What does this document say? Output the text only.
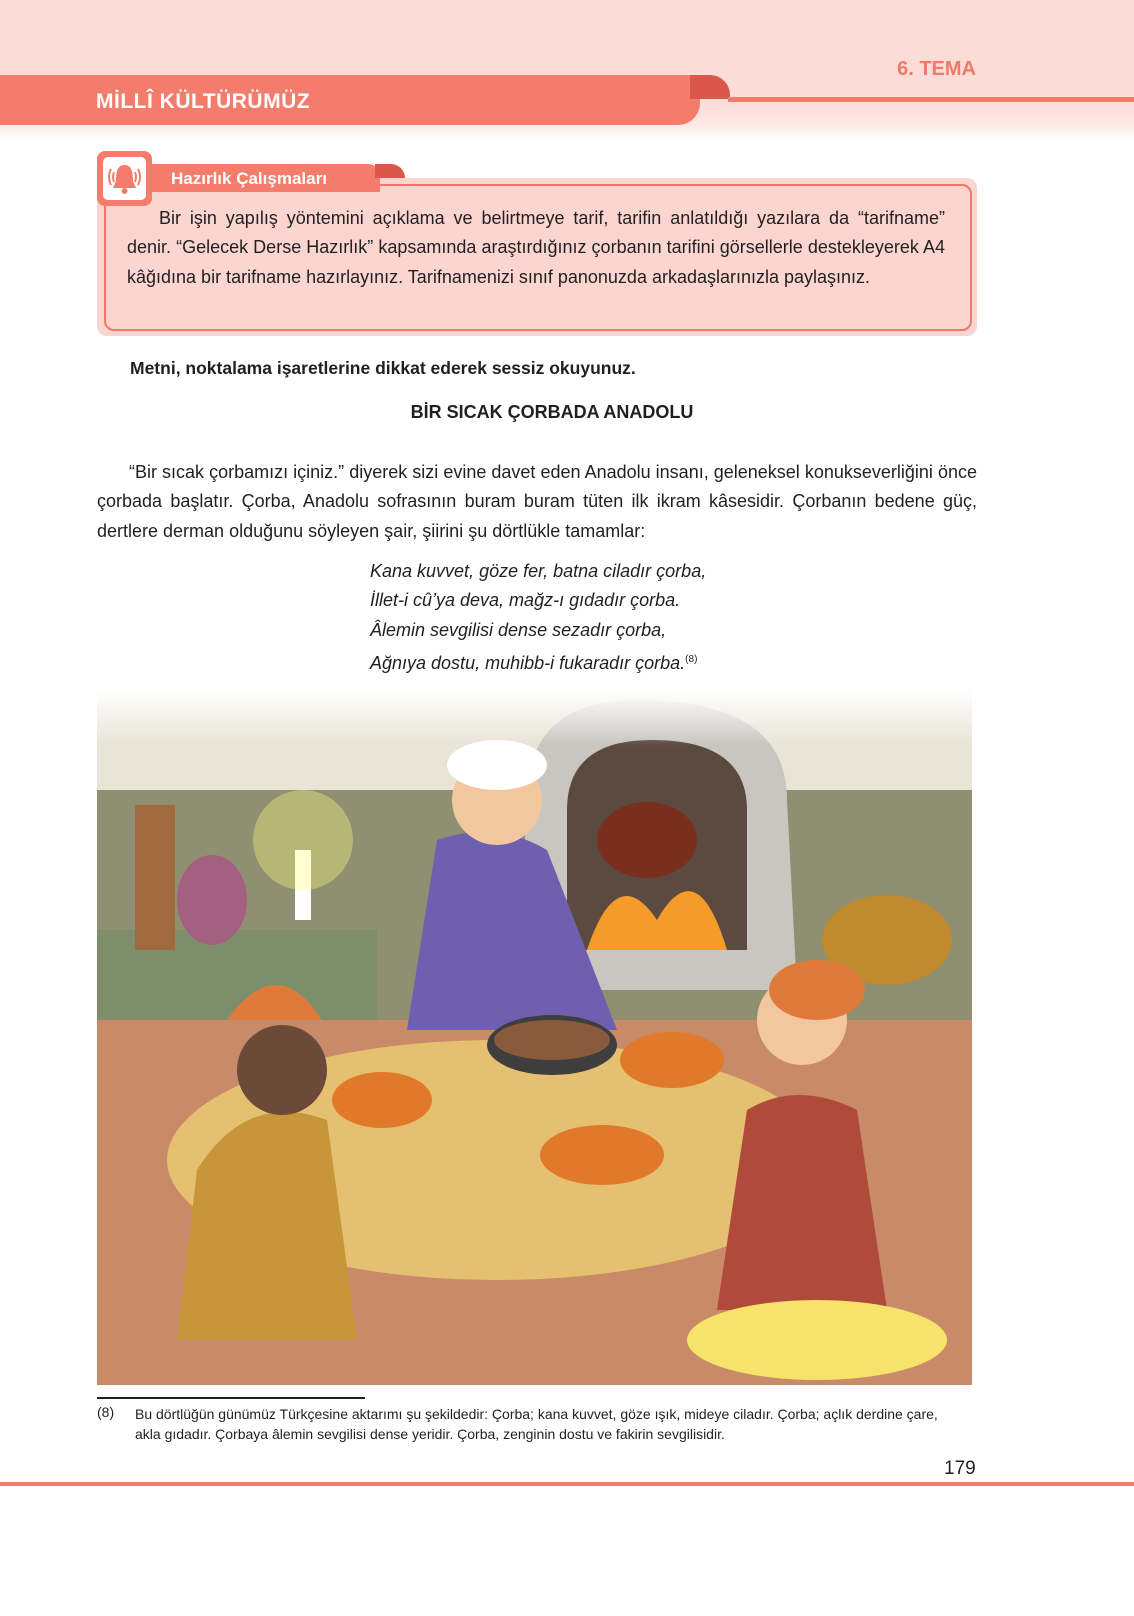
6. TEMA
MİLLÎ KÜLTÜRÜMÜZ
Hazırlık Çalışmaları
Bir işin yapılış yöntemini açıklama ve belirtmeye tarif, tarifin anlatıldığı yazılara da “tarifname” denir. “Gelecek Derse Hazırlık” kapsamında araştırdığınız çorbanın tarifini görsellerle destekleyerek A4 kâğıdına bir tarifname hazırlayınız. Tarifnamenizi sınıf panonuzda arkadaşlarınızla paylaşınız.
Metni, noktalama işaretlerine dikkat ederek sessiz okuyunuz.
BİR SICAK ÇORBADA ANADOLU
“Bir sıcak çorbamızı içiniz.” diyerek sizi evine davet eden Anadolu insanı, geleneksel konukseverliğini önce çorbada başlatır. Çorba, Anadolu sofrasının buram buram tüten ilk ikram kâsesidir. Çorbanın bedene güç, dertlere derman olduğunu söyleyen şair, şiirini şu dörtlükle tamamlar:
Kana kuvvet, göze fer, batna ciladır çorba,
İllet-i cû’ya deva, mağz-ı gıdadır çorba.
Âlemin sevgilisi dense sezadır çorba,
Ağnıya dostu, muhibb-i fukaradır çorba.$^{(8)}$
(8) Bu dörtlüğün günümüz Türkçesine aktarımı şu şekildedir: Çorba; kana kuvvet, göze ışık, mideye ciladır. Çorba; açlık derdine çare, akla gıdadır. Çorbaya âlemin sevgilisi dense yeridir. Çorba, zenginin dostu ve fakirin sevgilisidir.
179
